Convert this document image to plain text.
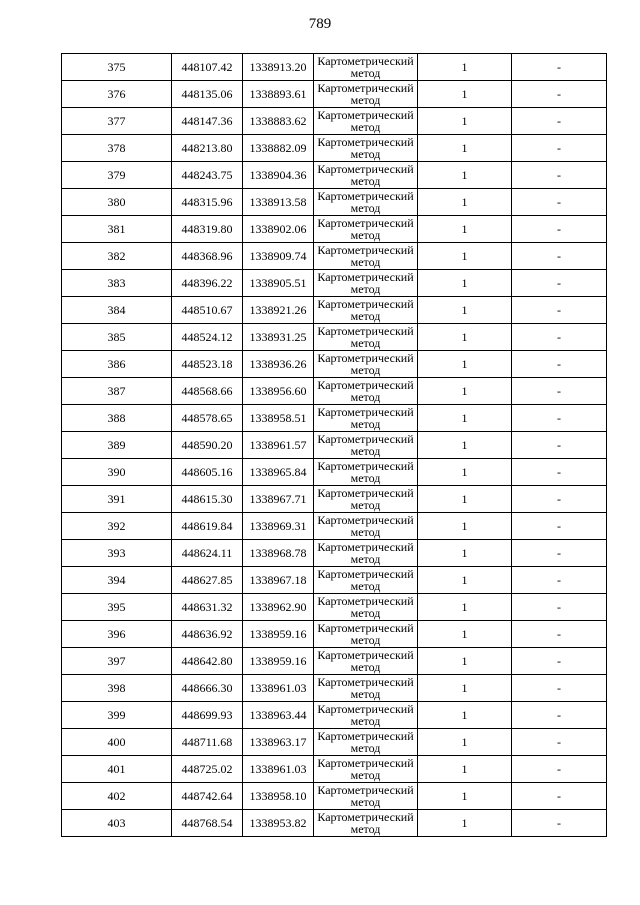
789
375	448107.42	1338913.20	Картометрический метод	1	-
376	448135.06	1338893.61	Картометрический метод	1	-
377	448147.36	1338883.62	Картометрический метод	1	-
378	448213.80	1338882.09	Картометрический метод	1	-
379	448243.75	1338904.36	Картометрический метод	1	-
380	448315.96	1338913.58	Картометрический метод	1	-
381	448319.80	1338902.06	Картометрический метод	1	-
382	448368.96	1338909.74	Картометрический метод	1	-
383	448396.22	1338905.51	Картометрический метод	1	-
384	448510.67	1338921.26	Картометрический метод	1	-
385	448524.12	1338931.25	Картометрический метод	1	-
386	448523.18	1338936.26	Картометрический метод	1	-
387	448568.66	1338956.60	Картометрический метод	1	-
388	448578.65	1338958.51	Картометрический метод	1	-
389	448590.20	1338961.57	Картометрический метод	1	-
390	448605.16	1338965.84	Картометрический метод	1	-
391	448615.30	1338967.71	Картометрический метод	1	-
392	448619.84	1338969.31	Картометрический метод	1	-
393	448624.11	1338968.78	Картометрический метод	1	-
394	448627.85	1338967.18	Картометрический метод	1	-
395	448631.32	1338962.90	Картометрический метод	1	-
396	448636.92	1338959.16	Картометрический метод	1	-
397	448642.80	1338959.16	Картометрический метод	1	-
398	448666.30	1338961.03	Картометрический метод	1	-
399	448699.93	1338963.44	Картометрический метод	1	-
400	448711.68	1338963.17	Картометрический метод	1	-
401	448725.02	1338961.03	Картометрический метод	1	-
402	448742.64	1338958.10	Картометрический метод	1	-
403	448768.54	1338953.82	Картометрический метод	1	-
